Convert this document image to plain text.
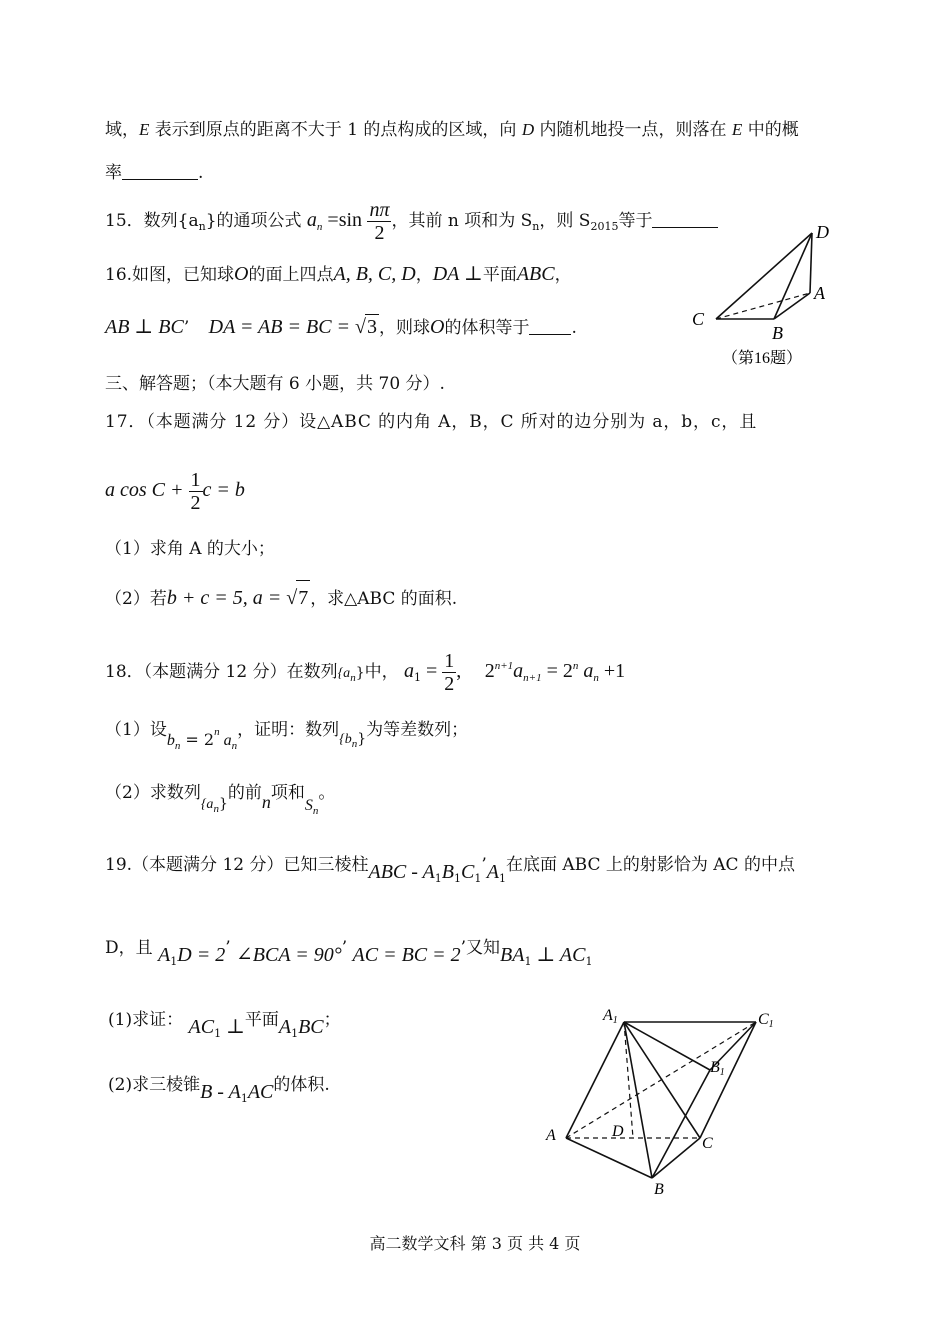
域，E 表示到原点的距离不大于 1 的点构成的区域，向 D 内随机地投一点，则落在 E 中的概
率	.
15．数列$\{a_n\}$的通项公式 $a_n =\sin \frac{n\pi}{2}$ ，其前 n 项和为 $S_n$，则 $S_{2015}$等于
16.如图，已知球O的面上四点A, B, C, D，DA ⊥平面ABC，
AB ⊥ BC’ DA = AB = BC = √3 ，则球O的体积等于 .
D
A
C
B
（第16题）
三、解答题；（本大题有 6 小题，共 70 分）.
17．（本题满分 12 分）设△ABC 的内角 A，B，C 所对的边分别为 a，b，c，且
a $\cos C + \frac{1}{2}$ c = b
（1）求角 A 的大小；
（2）若b + c = 5, a = √7 ，求△ABC 的面积.
18．（本题满分 12 分）在数列$\{a_n\}$中， $a_1 = \frac{1}{2}$ , $2^{n+1}a_{n+1} = 2^n$ $a_n +1$
（1）设$b_n = 2n$ $a_n$，证明：数列$_{\{bn\}}$为等差数列；
（2）求数列$_{\{an\}}$的前n项和$S_n$。
19.（本题满分 12 分）已知三棱柱ABC - $A_1B_1C_1’A_1$在底面 ABC 上的射影恰为 AC 的中点
D，且 $A_1D = 2$’ ∠BCA = 90°’ AC = BC = 2’又知$BA_1$ ⊥ $AC_1$
(1)求证： $AC_1$ ⊥平面$A_1BC$；
(2)求三棱锥B - $A_1AC$的体积.
A1	C1
B1
A	D
C
B
高二数学文科 第 3 页 共 4 页
